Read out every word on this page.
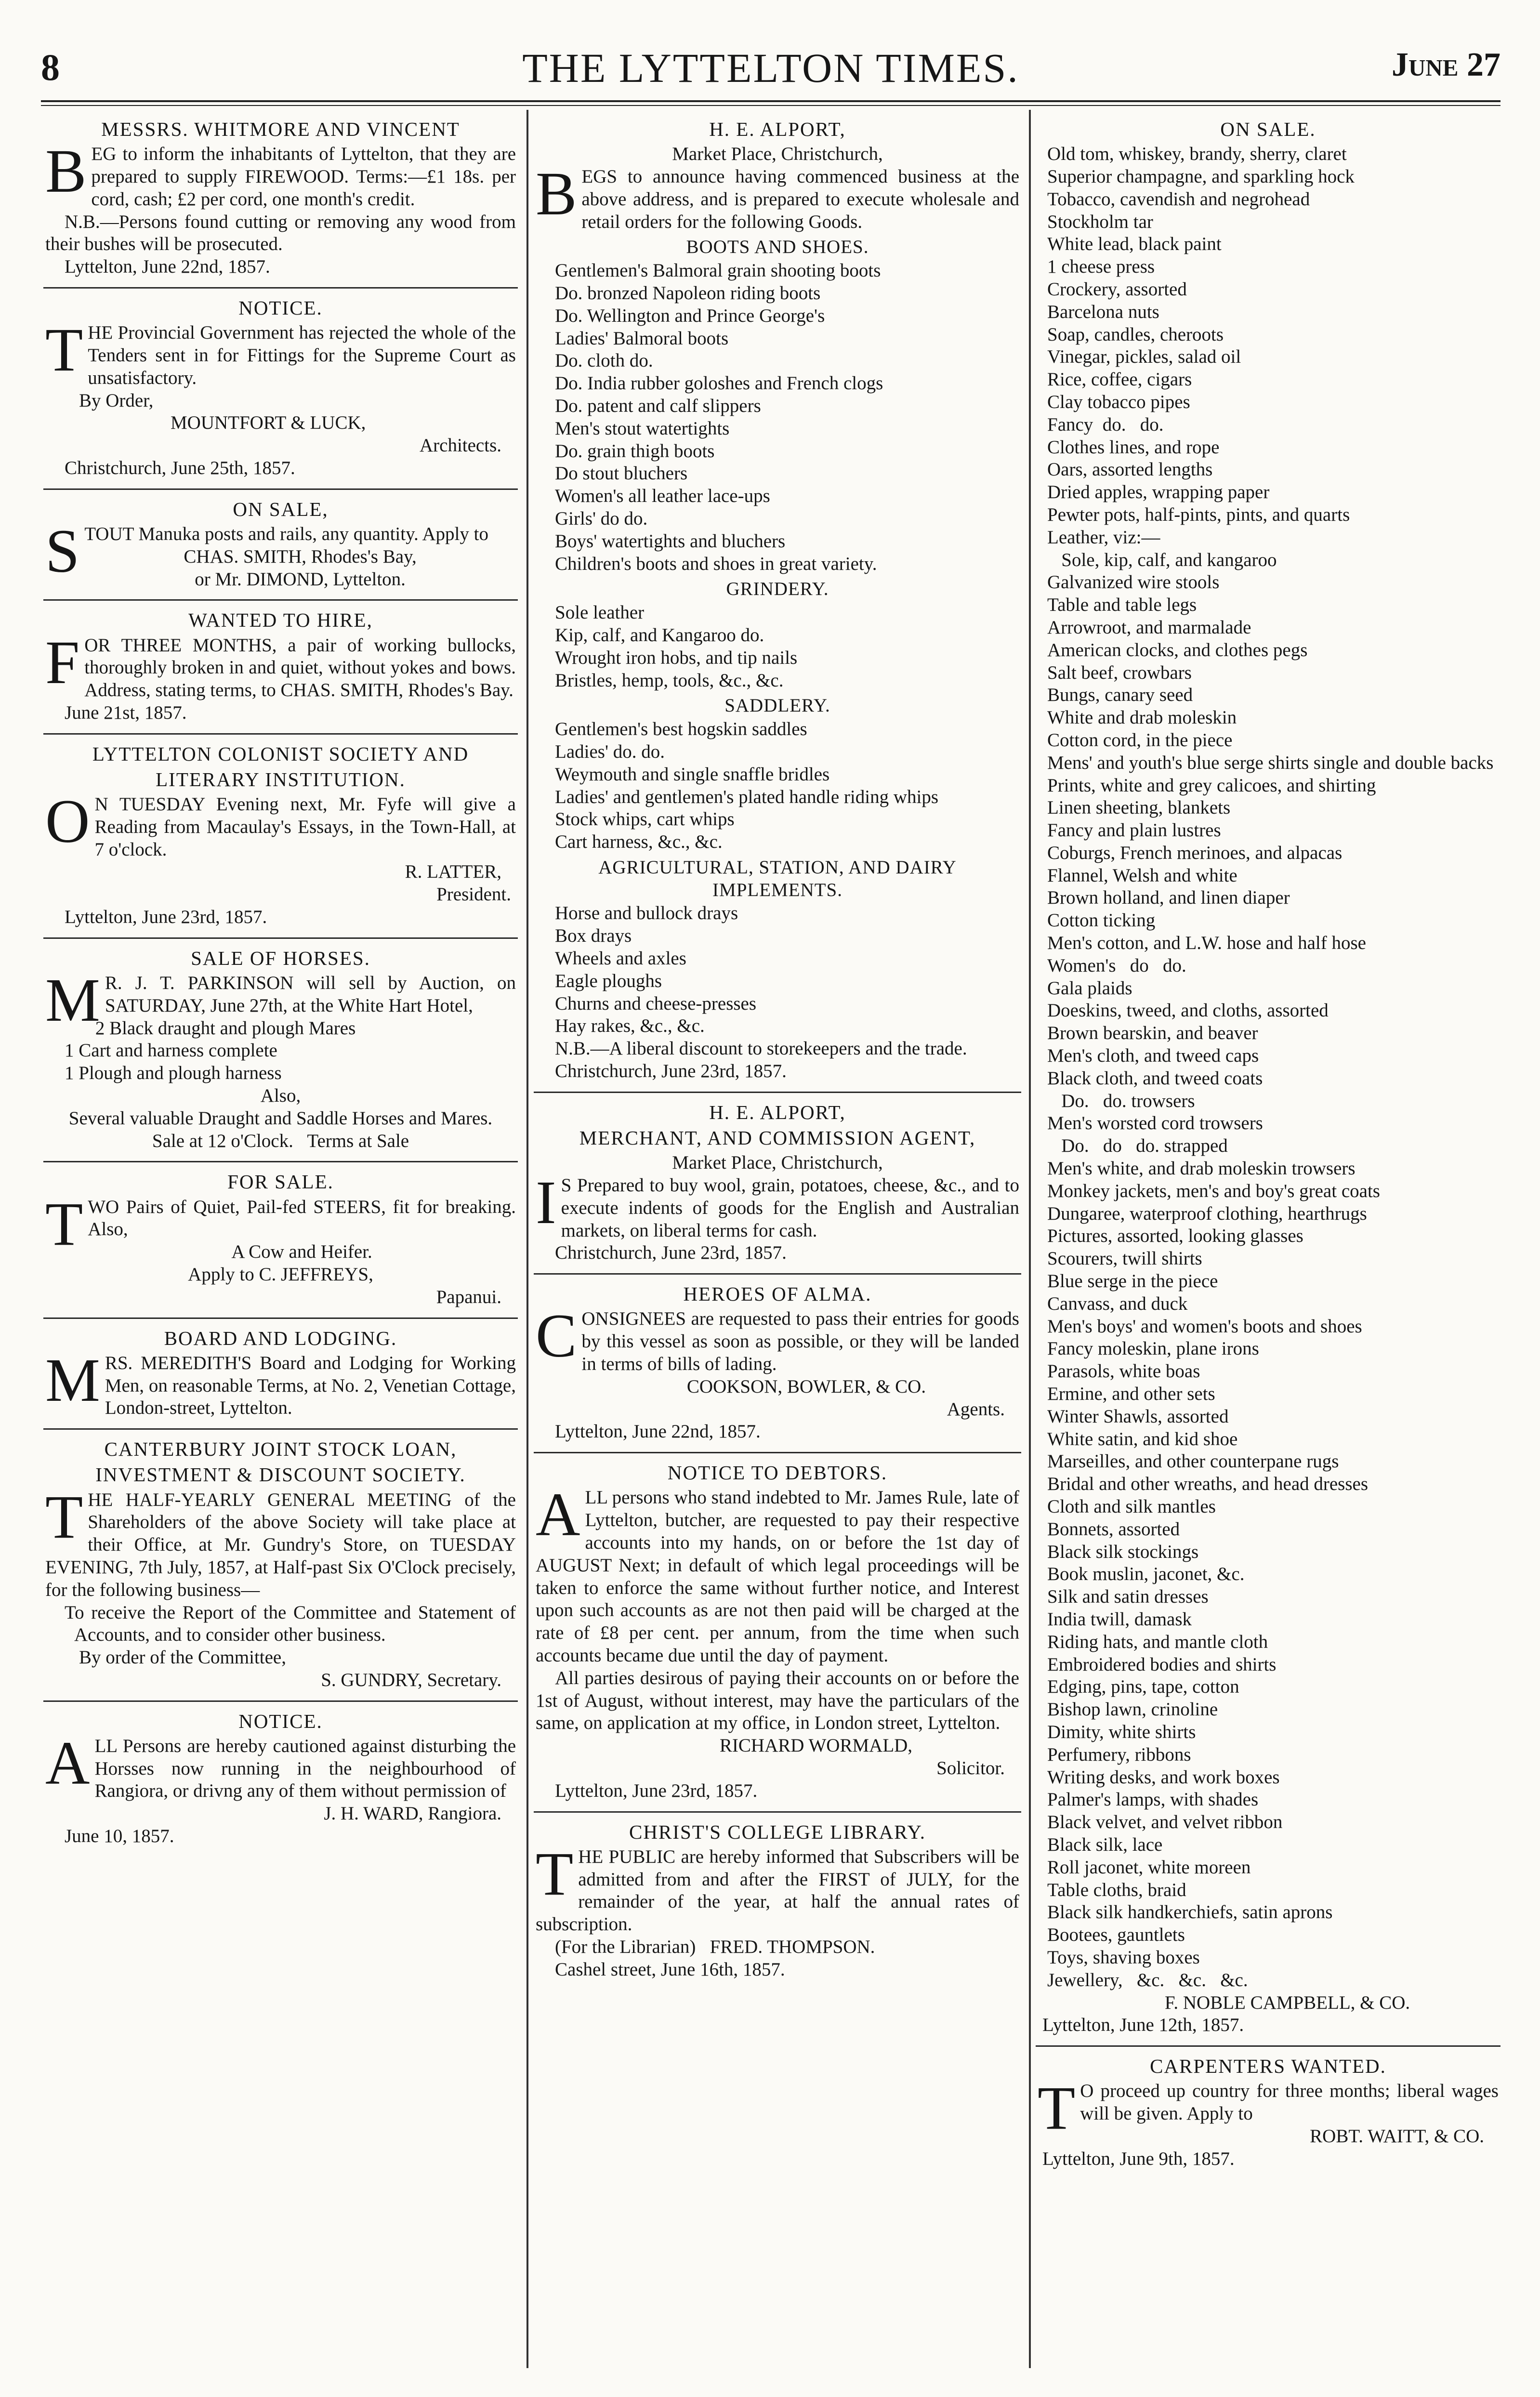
8	THE LYTTELTON TIMES.	June 27
MESSRS. WHITMORE AND VINCENT

BEG to inform the inhabitants of Lyttelton, that they are prepared to supply FIREWOOD. Terms:—£1 18s. per cord, cash; £2 per cord, one month's credit.

N.B.—Persons found cutting or removing any wood from their bushes will be prosecuted.

Lyttelton, June 22nd, 1857.
NOTICE.

THE Provincial Government has rejected the whole of the Tenders sent in for Fittings for the Supreme Court as unsatisfactory.

By Order,
MOUNTFORT & LUCK,
Architects.
Christchurch, June 25th, 1857.
ON SALE,

STOUT Manuka posts and rails, any quantity. Apply to

CHAS. SMITH, Rhodes's Bay,
or Mr. DIMOND, Lyttelton.
WANTED TO HIRE,

FOR THREE MONTHS, a pair of working bullocks, thoroughly broken in and quiet, without yokes and bows. Address, stating terms, to CHAS. SMITH, Rhodes's Bay.

June 21st, 1857.
LYTTELTON COLONIST SOCIETY AND
LITERARY INSTITUTION.

ON TUESDAY Evening next, Mr. Fyfe will give a Reading from Macaulay's Essays, in the Town-Hall, at 7 o'clock.

R. LATTER,
President.
Lyttelton, June 23rd, 1857.
SALE OF HORSES.

MR. J. T. PARKINSON will sell by Auction, on SATURDAY, June 27th, at the White Hart Hotel,

2 Black draught and plough Mares
1 Cart and harness complete
1 Plough and plough harness
Also,
Several valuable Draught and Saddle Horses and Mares.
Sale at 12 o'Clock.   Terms at Sale
FOR SALE.

TWO Pairs of Quiet, Pail-fed STEERS, fit for breaking. Also,

A Cow and Heifer.
Apply to C. JEFFREYS,
Papanui.
BOARD AND LODGING.

MRS. MEREDITH'S Board and Lodging for Working Men, on reasonable Terms, at No. 2, Venetian Cottage, London-street, Lyttelton.

CANTERBURY JOINT STOCK LOAN,
INVESTMENT & DISCOUNT SOCIETY.

THE HALF-YEARLY GENERAL MEETING of the Shareholders of the above Society will take place at their Office, at Mr. Gundry's Store, on TUESDAY EVENING, 7th July, 1857, at Half-past Six O'Clock precisely, for the following business—

To receive the Report of the Committee and Statement of Accounts, and to consider other business.

By order of the Committee,
S. GUNDRY, Secretary.
NOTICE.

ALL Persons are hereby cautioned against disturbing the Horsses now running in the neighbourhood of Rangiora, or drivng any of them without permission of

J. H. WARD, Rangiora.
June 10, 1857.
H. E. ALPORT,
Market Place, Christchurch,

BEGS to announce having commenced business at the above address, and is prepared to execute wholesale and retail orders for the following Goods.

BOOTS AND SHOES.
Gentlemen's Balmoral grain shooting boots
Do. bronzed Napoleon riding boots
Do. Wellington and Prince George's
Ladies' Balmoral boots
Do. cloth do.
Do. India rubber goloshes and French clogs
Do. patent and calf slippers
Men's stout watertights
Do. grain thigh boots
Do stout bluchers
Women's all leather lace-ups
Girls' do do.
Boys' watertights and bluchers
Children's boots and shoes in great variety.
GRINDERY.
Sole leather
Kip, calf, and Kangaroo do.
Wrought iron hobs, and tip nails
Bristles, hemp, tools, &c., &c.
SADDLERY.
Gentlemen's best hogskin saddles
Ladies' do. do.
Weymouth and single snaffle bridles
Ladies' and gentlemen's plated handle riding whips
Stock whips, cart whips
Cart harness, &c., &c.
AGRICULTURAL, STATION, AND DAIRY IMPLEMENTS.
Horse and bullock drays
Box drays
Wheels and axles
Eagle ploughs
Churns and cheese-presses
Hay rakes, &c., &c.

N.B.—A liberal discount to storekeepers and the trade.

Christchurch, June 23rd, 1857.
H. E. ALPORT,
MERCHANT, AND COMMISSION AGENT,
Market Place, Christchurch,

IS Prepared to buy wool, grain, potatoes, cheese, &c., and to execute indents of goods for the English and Australian markets, on liberal terms for cash.

Christchurch, June 23rd, 1857.
HEROES OF ALMA.

CONSIGNEES are requested to pass their entries for goods by this vessel as soon as possible, or they will be landed in terms of bills of lading.

COOKSON, BOWLER, & CO.
Agents.
Lyttelton, June 22nd, 1857.
NOTICE TO DEBTORS.

ALL persons who stand indebted to Mr. James Rule, late of Lyttelton, butcher, are requested to pay their respective accounts into my hands, on or before the 1st day of AUGUST Next; in default of which legal proceedings will be taken to enforce the same without further notice, and Interest upon such accounts as are not then paid will be charged at the rate of £8 per cent. per annum, from the time when such accounts became due until the day of payment.

All parties desirous of paying their accounts on or before the 1st of August, without interest, may have the particulars of the same, on application at my office, in London street, Lyttelton.

RICHARD WORMALD,
Solicitor.
Lyttelton, June 23rd, 1857.
CHRIST'S COLLEGE LIBRARY.

THE PUBLIC are hereby informed that Subscribers will be admitted from and after the FIRST of JULY, for the remainder of the year, at half the annual rates of subscription.

(For the Librarian)   FRED. THOMPSON.
Cashel street, June 16th, 1857.
ON SALE.
Old tom, whiskey, brandy, sherry, claret
Superior champagne, and sparkling hock
Tobacco, cavendish and negrohead
Stockholm tar
White lead, black paint
1 cheese press
Crockery, assorted
Barcelona nuts
Soap, candles, cheroots
Vinegar, pickles, salad oil
Rice, coffee, cigars
Clay tobacco pipes
Fancy  do.   do.
Clothes lines, and rope
Oars, assorted lengths
Dried apples, wrapping paper
Pewter pots, half-pints, pints, and quarts
Leather, viz:—
Sole, kip, calf, and kangaroo
Galvanized wire stools
Table and table legs
Arrowroot, and marmalade
American clocks, and clothes pegs
Salt beef, crowbars
Bungs, canary seed
White and drab moleskin
Cotton cord, in the piece
Mens' and youth's blue serge shirts single and double backs
Prints, white and grey calicoes, and shirting
Linen sheeting, blankets
Fancy and plain lustres
Coburgs, French merinoes, and alpacas
Flannel, Welsh and white
Brown holland, and linen diaper
Cotton ticking
Men's cotton, and L.W. hose and half hose
Women's   do   do.
Gala plaids
Doeskins, tweed, and cloths, assorted
Brown bearskin, and beaver
Men's cloth, and tweed caps
Black cloth, and tweed coats
Do.   do. trowsers
Men's worsted cord trowsers
Do.   do   do. strapped
Men's white, and drab moleskin trowsers
Monkey jackets, men's and boy's great coats
Dungaree, waterproof clothing, hearthrugs
Pictures, assorted, looking glasses
Scourers, twill shirts
Blue serge in the piece
Canvass, and duck
Men's boys' and women's boots and shoes
Fancy moleskin, plane irons
Parasols, white boas
Ermine, and other sets
Winter Shawls, assorted
White satin, and kid shoe
Marseilles, and other counterpane rugs
Bridal and other wreaths, and head dresses
Cloth and silk mantles
Bonnets, assorted
Black silk stockings
Book muslin, jaconet, &c.
Silk and satin dresses
India twill, damask
Riding hats, and mantle cloth
Embroidered bodies and shirts
Edging, pins, tape, cotton
Bishop lawn, crinoline
Dimity, white shirts
Perfumery, ribbons
Writing desks, and work boxes
Palmer's lamps, with shades
Black velvet, and velvet ribbon
Black silk, lace
Roll jaconet, white moreen
Table cloths, braid
Black silk handkerchiefs, satin aprons
Bootees, gauntlets
Toys, shaving boxes
Jewellery,   &c.   &c.   &c.
F. NOBLE CAMPBELL, & CO.
Lyttelton, June 12th, 1857.
CARPENTERS WANTED.

TO proceed up country for three months; liberal wages will be given. Apply to

ROBT. WAITT, & CO.
Lyttelton, June 9th, 1857.
